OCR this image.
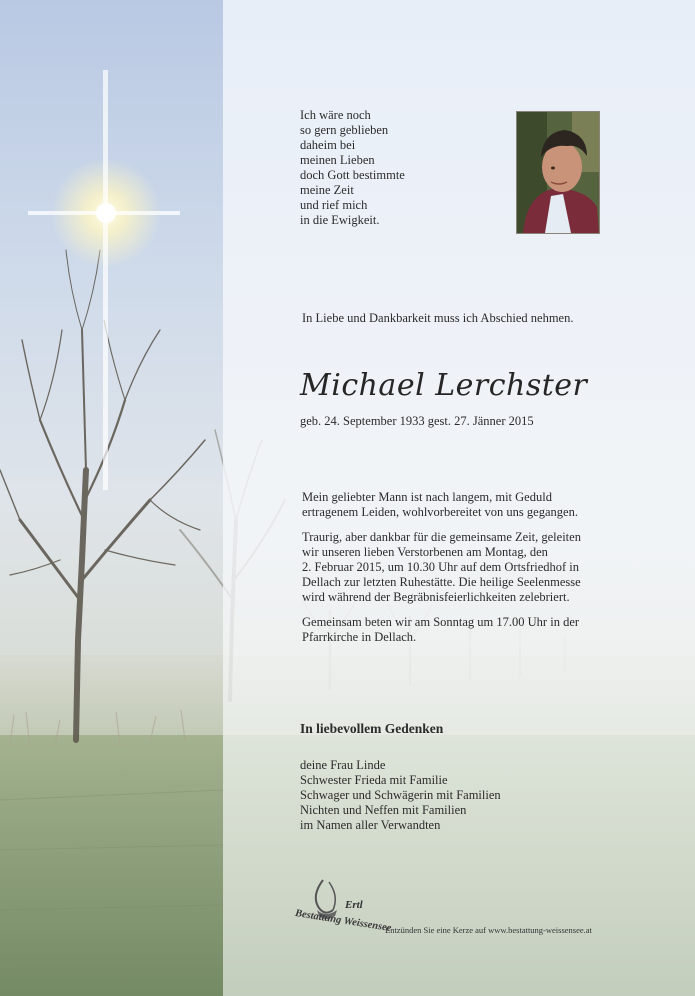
Ich wäre noch
so gern geblieben
daheim bei
meinen Lieben
doch Gott bestimmte
meine Zeit
und rief mich
in die Ewigkeit.
In Liebe und Dankbarkeit muss ich Abschied nehmen.
Michael Lerchster
geb. 24. September 1933 gest. 27. Jänner 2015

Mein geliebter Mann ist nach langem, mit Geduld
ertragenem Leiden, wohlvorbereitet von uns gegangen.

Traurig, aber dankbar für die gemeinsame Zeit, geleiten
wir unseren lieben Verstorbenen am Montag, den
2. Februar 2015, um 10.30 Uhr auf dem Ortsfriedhof in
Dellach zur letzten Ruhestätte. Die heilige Seelenmesse
wird während der Begräbnisfeierlichkeiten zelebriert.

Gemeinsam beten wir am Sonntag um 17.00 Uhr in der
Pfarrkirche in Dellach.

In liebevollem Gedenken
deine Frau Linde
Schwester Frieda mit Familie
Schwager und Schwägerin mit Familien
Nichten und Neffen mit Familien
im Namen aller Verwandten
Ertl
Bestattung Weissensee
Entzünden Sie eine Kerze auf www.bestattung-weissensee.at
